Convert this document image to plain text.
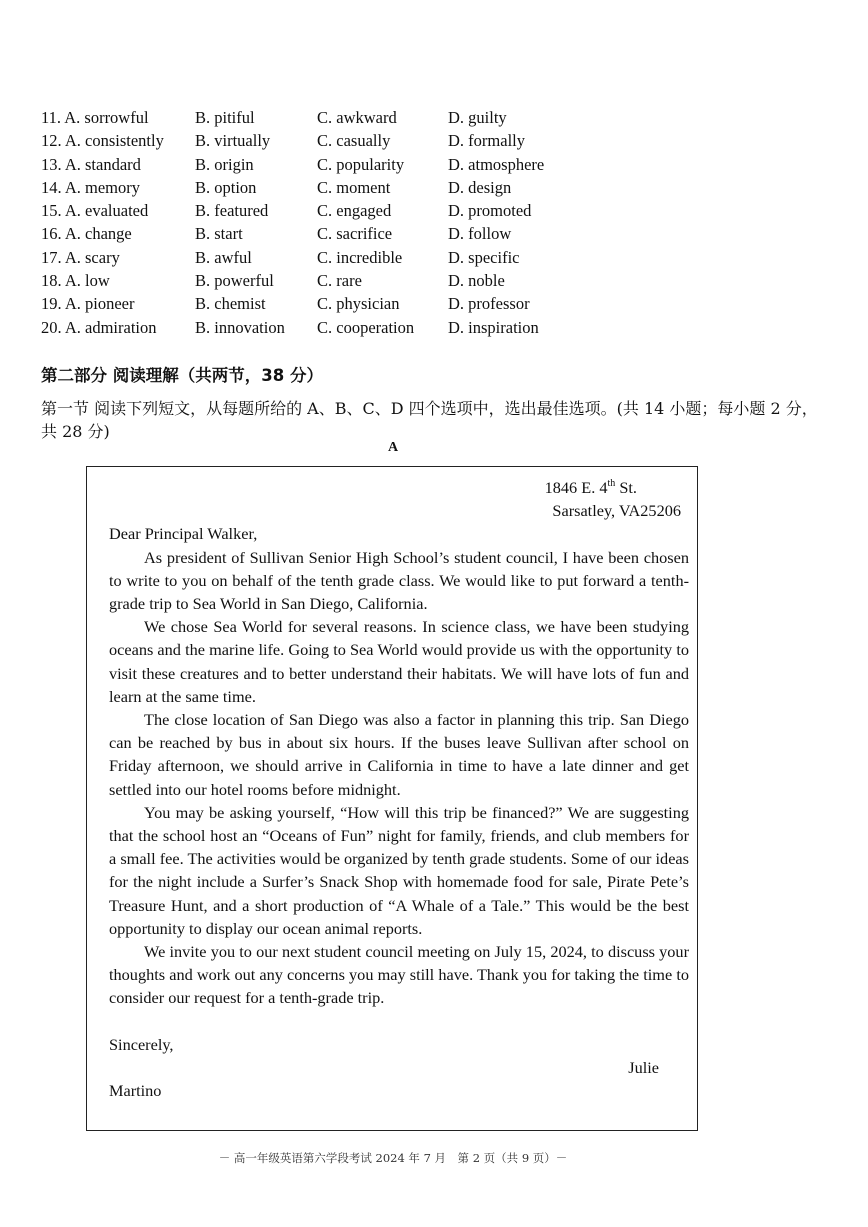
11. A. sorrowful	B. pitiful	C. awkward	D. guilty
12. A. consistently B. virtually	C. casually	D. formally
13. A. standard	B. origin	C. popularity	D. atmosphere
14. A. memory	B. option	C. moment	D. design
15. A. evaluated	B. featured	C. engaged	D. promoted
16. A. change	B. start	C. sacrifice	D. follow
17. A. scary	B. awful	C. incredible	D. specific
18. A. low	B. powerful	C. rare	D. noble
19. A. pioneer	B. chemist	C. physician	D. professor
20. A. admiration B. innovation C. cooperation D. inspiration
第二部分 阅读理解（共两节，38 分）
第一节 阅读下列短文，从每题所给的 A、B、C、D 四个选项中，选出最佳选项。(共 14 小题；每小题 2 分，共 28 分)
A
1846 E. 4th St.
Sarsatley, VA25206

Dear Principal Walker,

As president of Sullivan Senior High School’s student council, I have been chosen to write to you on behalf of the tenth grade class. We would like to put forward a tenth-grade trip to Sea World in San Diego, California.

We chose Sea World for several reasons. In science class, we have been studying oceans and the marine life. Going to Sea World would provide us with the opportunity to visit these creatures and to better understand their habitats. We will have lots of fun and learn at the same time.

The close location of San Diego was also a factor in planning this trip. San Diego can be reached by bus in about six hours. If the buses leave Sullivan after school on Friday afternoon, we should arrive in California in time to have a late dinner and get settled into our hotel rooms before midnight.

You may be asking yourself, “How will this trip be financed?” We are suggesting that the school host an “Oceans of Fun” night for family, friends, and club members for a small fee. The activities would be organized by tenth grade students. Some of our ideas for the night include a Surfer’s Snack Shop with homemade food for sale, Pirate Pete’s Treasure Hunt, and a short production of “A Whale of a Tale.” This would be the best opportunity to display our ocean animal reports.

We invite you to our next student council meeting on July 15, 2024, to discuss your thoughts and work out any concerns you may still have. Thank you for taking the time to consider our request for a tenth-grade trip.

Sincerely,
Julie
Martino
－ 高一年级英语第六学段考试 2024 年 7 月　第 2 页（共 9 页）－
